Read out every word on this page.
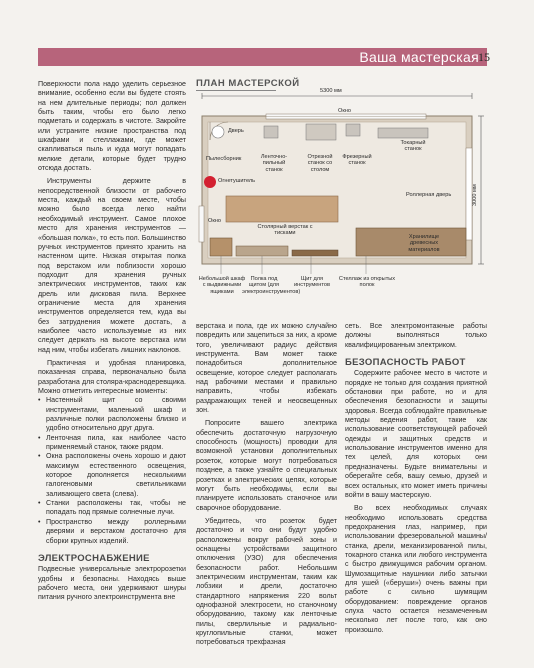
Ваша мастерская 15

Поверхности пола надо уделить серьезное внимание, особенно если вы будете стоять на нем длительные периоды; пол должен быть таким, чтобы его было легко подметать и содержать в чистоте. Закройте или устраните низкие пространства под шкафами и стеллажами, где может скапливаться пыль и куда могут попадать мелкие детали, которые будет трудно отсюда достать.

Инструменты держите в непосредственной близости от рабочего места, каждый на своем месте, чтобы можно было всегда легко найти необходимый инструмент. Самое плохое место для хранения инструментов — «большая полка», то есть пол. Большинство ручных инструментов принято хранить на настенном щите. Низкая открытая полка под верстаком или поблизости хорошо подходит для хранения ручных электрических инструментов, таких как дрель или дисковая пила. Верхнее ограничение места для хранения инструментов определяется тем, куда вы без затруднения можете достать, а наиболее часто используемые из них следует держать на высоте верстака или над ним, чтобы избегать лишних наклонов.

Практичная и удобная планировка, показанная справа, первоначально была разработана для столяра-краснодеревщика. Можно отметить интересные моменты:

• Настенный щит со своими инструментами, маленький шкаф и различные полки расположены близко и удобно относительно друг друга.
• Ленточная пила, как наиболее часто применяемый станок, также рядом.
• Окна расположены очень хорошо и дают максимум естественного освещения, которое дополняется несколькими галогеновыми светильниками заливающего света (слева).
• Станки расположены так, чтобы не попадать под прямые солнечные лучи.
• Пространство между роллерными дверями и верстаком достаточно для сборки крупных изделий.
ЭЛЕКТРОСНАБЖЕНИЕ

Подвесные универсальные электророзетки удобны и безопасны. Находясь выше рабочего места, они удерживают шнуры питания ручного электроинструмента вне

ПЛАН МАСТЕРСКОЙ
5300 мм
3000 мм
Окно
Дверь
Пылесборник	Ленточно-пильный станок
Отрезной станок со столом
Фрезерный станок
Токарный станок
Огнетушитель
Окно
Роллерная дверь
Столярный верстак с тисками
Хранилище древесных материалов
Небольшой шкаф с выдвижными ящиками
Полка под щитом (для электроинструментов)
Щит для инструментов
Стеллаж из открытых полок

верстака и пола, где их можно случайно повредить или зацепиться за них, а кроме того, увеличивают радиус действия инструмента. Вам может также понадобиться дополнительное освещение, которое следует располагать над рабочими местами и правильно направить, чтобы избежать раздражающих теней и неосвещенных зон.

Попросите вашего электрика обеспечить достаточную нагрузочную способность (мощность) проводки для возможной установки дополнительных розеток, которые могут потребоваться позднее, а также узнайте о специальных розетках и электрических цепях, которые могут быть необходимы, если вы планируете использовать станочное или сварочное оборудование.

Убедитесь, что розеток будет достаточно и что они будут удобно расположены вокруг рабочей зоны и оснащены устройствами защитного отключения (УЗО) для обеспечения безопасности работ. Небольшим электрическим инструментам, таким как лобзики и дрели, достаточно стандартного напряжения 220 вольт однофазной электросети, но станочному оборудованию, такому как ленточные пилы, сверлильные и радиально-круглопильные станки, может потребоваться трехфазная

сеть. Все электромонтажные работы должны выполняться только квалифицированным электриком.

БЕЗОПАСНОСТЬ РАБОТ

Содержите рабочее место в чистоте и порядке не только для создания приятной обстановки при работе, но и для обеспечения безопасности и защиты здоровья. Всегда соблюдайте правильные методы ведения работ, такие как использование соответствующей рабочей одежды и защитных средств и использование инструментов именно для тех целей, для которых они предназначены. Будьте внимательны и оберегайте себя, вашу семью, друзей и всех остальных, кто может иметь причины войти в вашу мастерскую.

Во всех необходимых случаях необходимо использовать средства предохранения глаз, например, при использовании фрезеровальной машины/станка, дрели, механизированной пилы, токарного станка или любого инструмента с быстро движущимся рабочим органом. Шумозащитные наушники либо затычки для ушей («беруши») очень важны при работе с сильно шумящим оборудованием: повреждение органов слуха часто остается незамеченным несколько лет после того, как оно произошло.
